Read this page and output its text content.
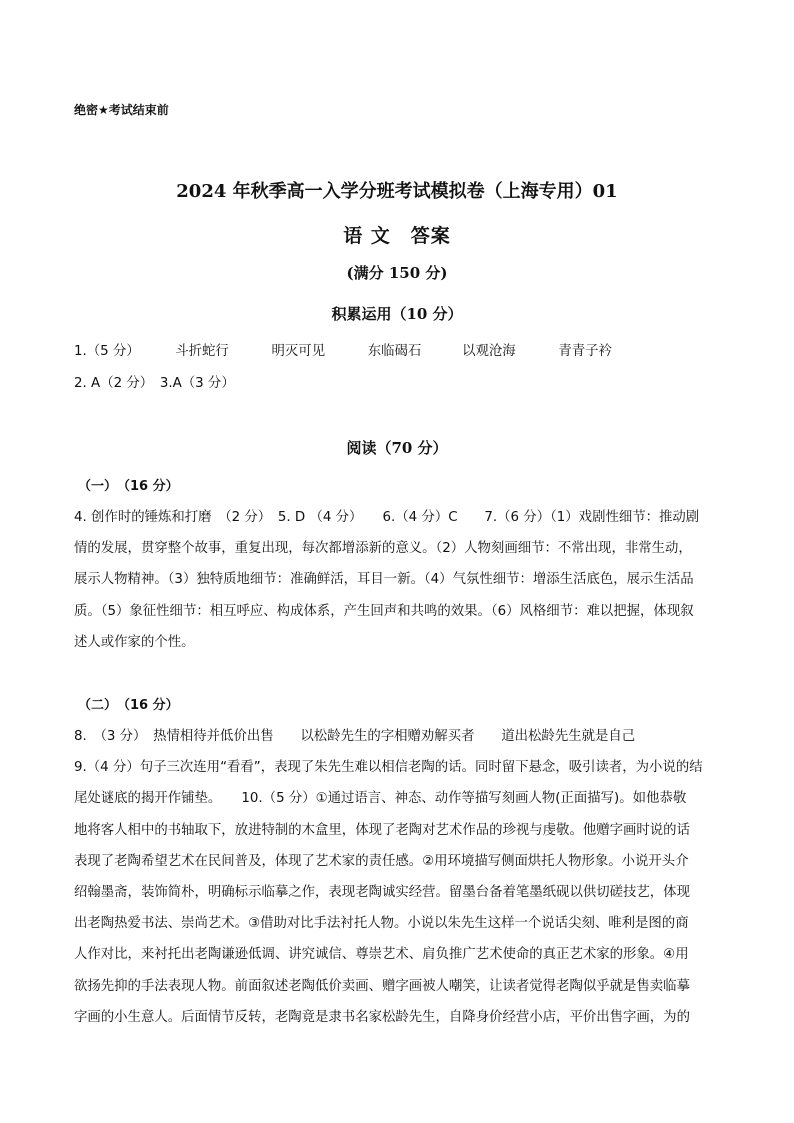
绝密★考试结束前
2024 年秋季高一入学分班考试模拟卷（上海专用）01
语 文　答案
(满分 150 分)
积累运用（10 分）
1.（5 分）	斗折蛇行	明灭可见	东临碣石	以观沧海	青青子衿
2. A（2 分）　3.A（3 分）
阅读（70 分）
（一）　（16 分）
4. 创作时的锤炼和打磨　（2 分）　5. D （4 分）　　6.（4 分）C　　7.（6 分）（1）戏剧性细节：推动剧
情的发展，贯穿整个故事，重复出现，每次都增添新的意义。（2）人物刻画细节：不常出现，非常生动，
展示人物精神。（3）独特质地细节：准确鲜活，耳目一新。（4）气氛性细节：增添生活底色，展示生活品
质。（5）象征性细节：相互呼应、构成体系，产生回声和共鸣的效果。（6）风格细节：难以把握，体现叙
述人或作家的个性。
（二）　（16 分）
8.　（3 分）　热情相待并低价出售　　以松龄先生的字相赠劝解买者　　道出松龄先生就是自己
9.（4 分）句子三次连用“看看”，表现了朱先生难以相信老陶的话。同时留下悬念，吸引读者，为小说的结
尾处谜底的揭开作铺垫。　　10.（5 分）①通过语言、神态、动作等描写刻画人物(正面描写)。如他恭敬
地将客人相中的书轴取下，放进特制的木盒里，体现了老陶对艺术作品的珍视与虔敬。他赠字画时说的话
表现了老陶希望艺术在民间普及，体现了艺术家的责任感。②用环境描写侧面烘托人物形象。小说开头介
绍翰墨斋，装饰简朴，明确标示临摹之作，表现老陶诚实经营。留墨台备着笔墨纸砚以供切磋技艺，体现
出老陶热爱书法、崇尚艺术。③借助对比手法衬托人物。小说以朱先生这样一个说话尖刻、唯利是图的商
人作对比，来衬托出老陶谦逊低调、讲究诚信、尊崇艺术、肩负推广艺术使命的真正艺术家的形象。④用
欲扬先抑的手法表现人物。前面叙述老陶低价卖画、赠字画被人嘲笑，让读者觉得老陶似乎就是售卖临摹
字画的小生意人。后面情节反转，老陶竟是隶书名家松龄先生，自降身价经营小店，平价出售字画，为的
